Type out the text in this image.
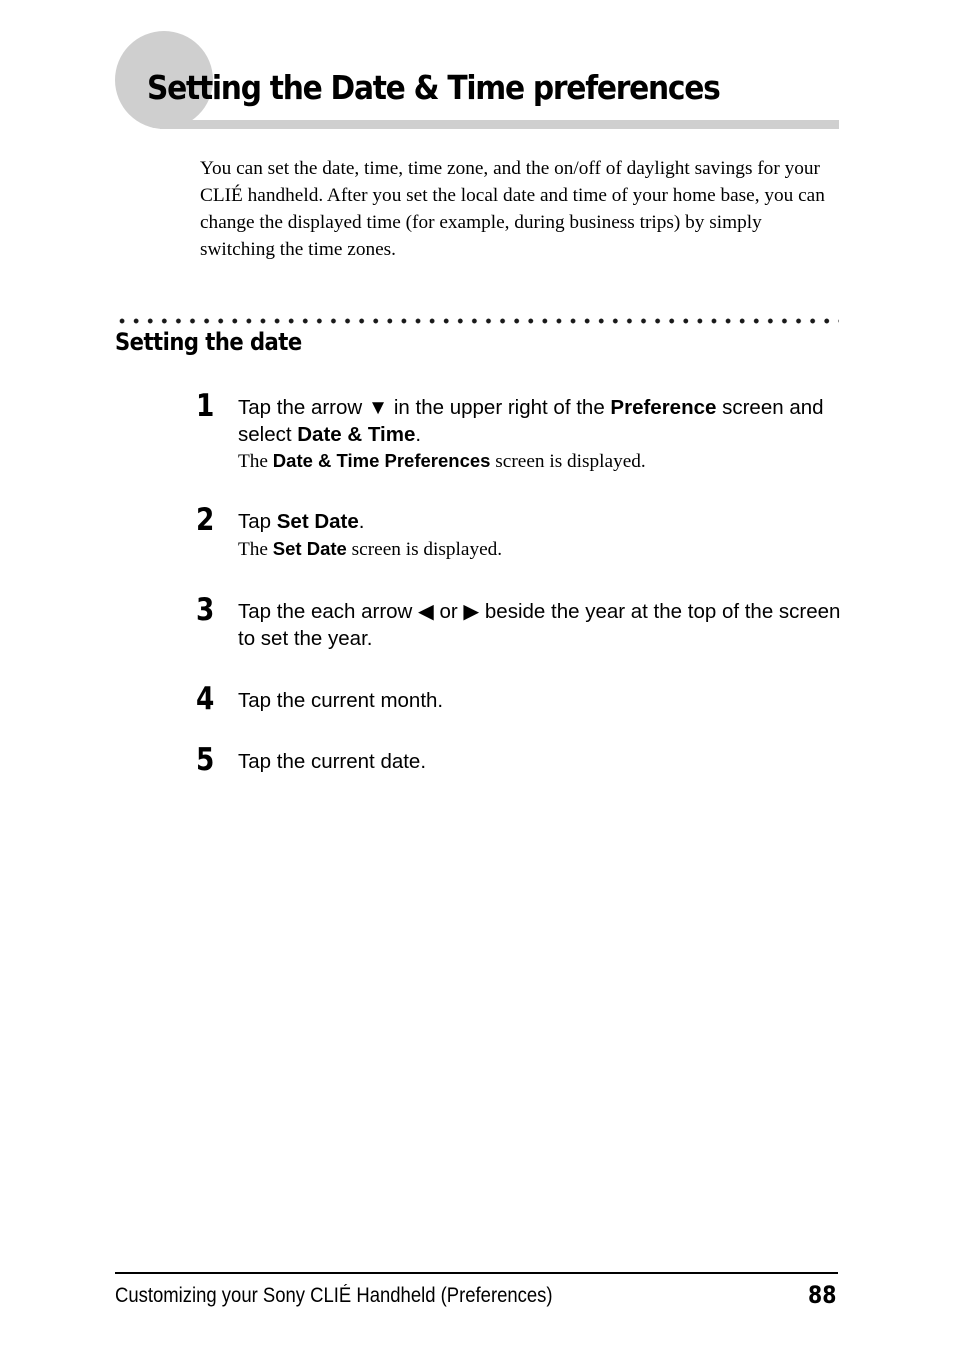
Setting the Date & Time preferences

You can set the date, time, time zone, and the on/off of daylight savings for your CLIÉ handheld. After you set the local date and time of your home base, you can change the displayed time (for example, during business trips) by simply switching the time zones.

Setting the date
1	Tap the arrow ▼ in the upper right of the Preference screen and select Date & Time.

The Date & Time Preferences screen is displayed.

2	Tap Set Date.

The Set Date screen is displayed.

3	Tap the each arrow ◀ or ▶ beside the year at the top of the screen to set the year.

4	Tap the current month.

5	Tap the current date.

Customizing your Sony CLIÉ Handheld (Preferences)	88
